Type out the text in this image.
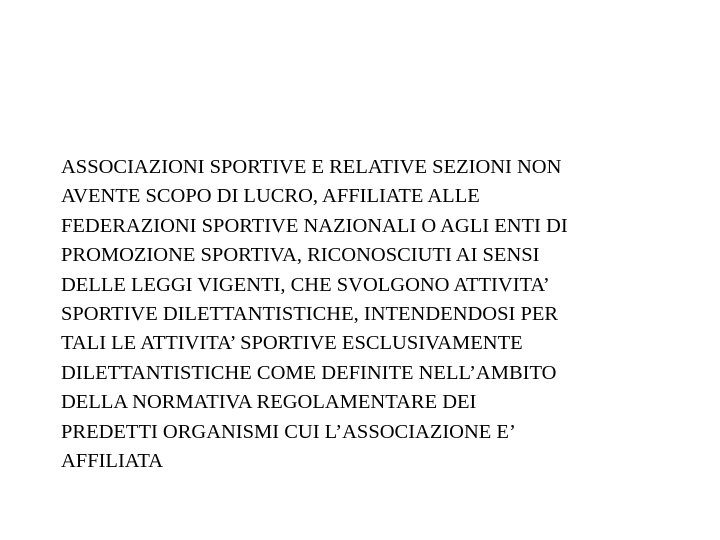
ASSOCIAZIONI SPORTIVE E RELATIVE SEZIONI NON
AVENTE SCOPO DI LUCRO, AFFILIATE ALLE
FEDERAZIONI SPORTIVE NAZIONALI O AGLI ENTI DI
PROMOZIONE SPORTIVA, RICONOSCIUTI AI SENSI
DELLE LEGGI VIGENTI, CHE SVOLGONO ATTIVITA’
SPORTIVE DILETTANTISTICHE, INTENDENDOSI PER
TALI LE ATTIVITA’ SPORTIVE ESCLUSIVAMENTE
DILETTANTISTICHE COME DEFINITE NELL’AMBITO
DELLA NORMATIVA REGOLAMENTARE DEI
PREDETTI ORGANISMI CUI L’ASSOCIAZIONE E’
AFFILIATA
